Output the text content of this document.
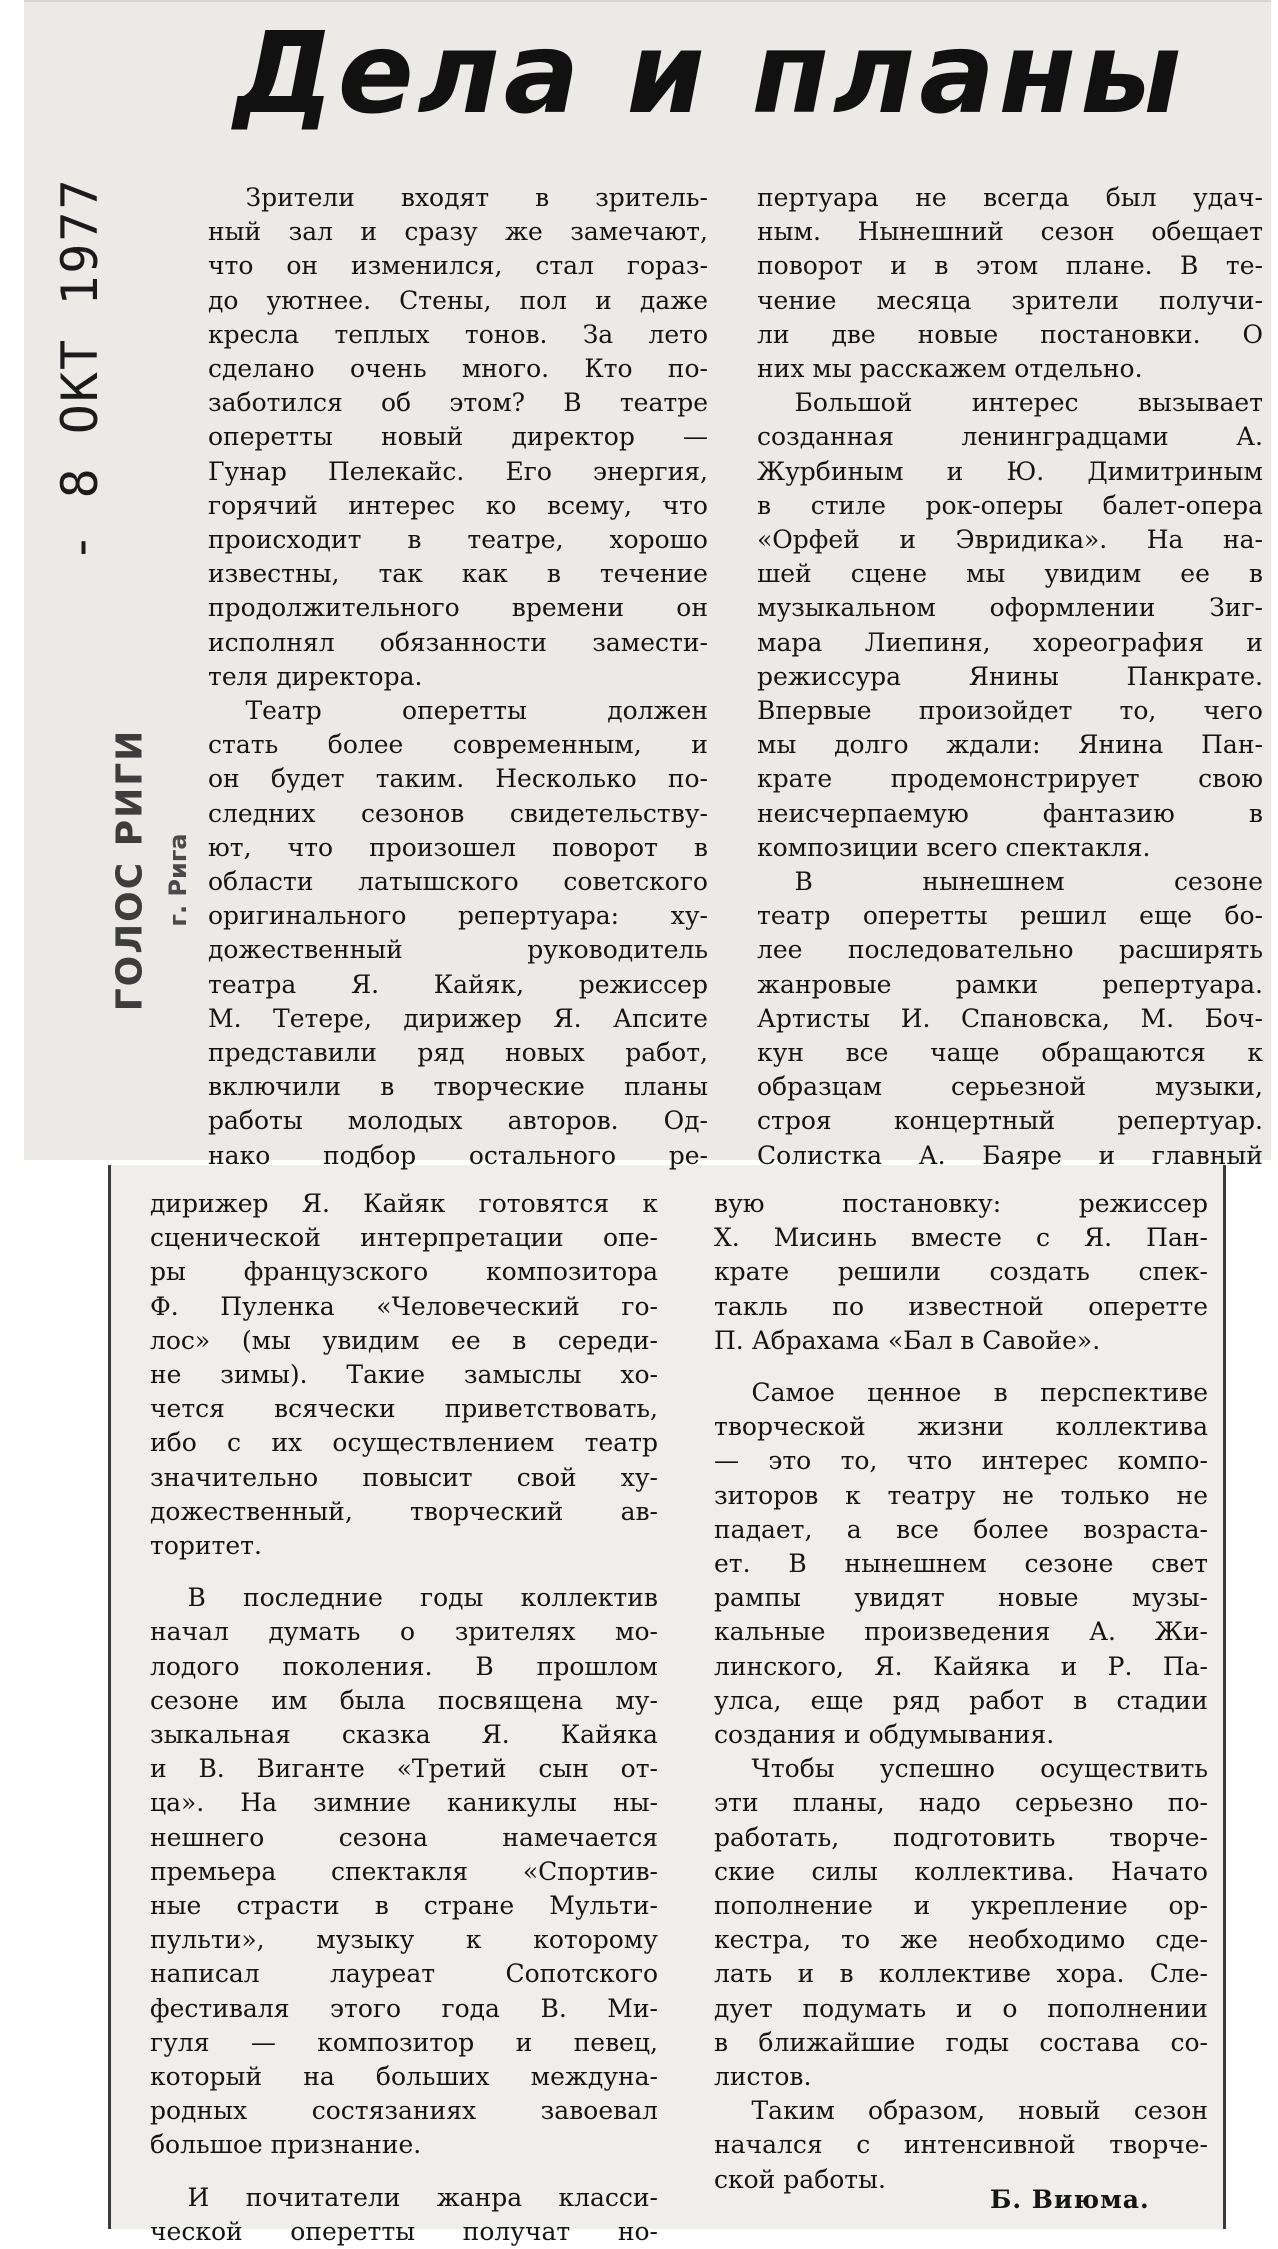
Дела и планы
- 8 ОКТ 1977
ГОЛОС РИГИ г. Рига
Зрители входят в зритель-
ный зал и сразу же замечают,
что он изменился, стал гораз-
до уютнее. Стены, пол и даже
кресла теплых тонов. За лето
сделано очень много. Кто по-
заботился об этом? В театре
оперетты новый директор —
Гунар Пелекайс. Его энергия,
горячий интерес ко всему, что
происходит в театре, хорошо
известны, так как в течение
продолжительного времени он
исполнял обязанности замести-
теля директора.
Театр	оперетты	должен
стать более современным, и
он будет таким. Несколько по-
следних сезонов свидетельству-
ют, что произошел поворот в
области латышского советского
оригинального репертуара: ху-
дожественный	руководитель
театра Я. Кайяк, режиссер
М. Тетере, дирижер Я. Апсите
представили ряд новых работ,
включили в творческие планы
работы молодых авторов. Од-
нако подбор остального ре-
пертуара не всегда был удач-
ным. Нынешний сезон обещает
поворот и в этом плане. В те-
чение месяца зрители получи-
ли две новые постановки. О
них мы расскажем отдельно.
Большой интерес вызывает
созданная	ленинградцами	А.
Журбиным и Ю. Димитриным
в стиле рок-оперы балет-опера
«Орфей и Эвридика». На на-
шей сцене мы увидим ее в
музыкальном оформлении Зиг-
мара Лиепиня, хореография и
режиссура	Янины	Панкрате.
Впервые произойдет то, чего
мы долго ждали: Янина Пан-
крате продемонстрирует свою
неисчерпаемую	фантазию	в
композиции всего спектакля.
В	нынешнем	сезоне
театр оперетты решил еще бо-
лее последовательно расширять
жанровые	рамки	репертуара.
Артисты И. Спановска, М. Боч-
кун все чаще обращаются к
образцам	серьезной	музыки,
строя концертный репертуар.
Солистка А. Баяре и главный
дирижер Я. Кайяк готовятся к
сценической интерпретации опе-
ры французского композитора
Ф. Пуленка «Человеческий го-
лос» (мы увидим ее в середи-
не зимы). Такие замыслы хо-
чется всячески приветствовать,
ибо с их осуществлением театр
значительно повысит свой ху-
дожественный, творческий ав-
торитет.
В последние годы коллектив
начал думать о зрителях мо-
лодого поколения. В прошлом
сезоне им была посвящена му-
зыкальная сказка Я. Кайяка
и В. Виганте «Третий сын от-
ца». На зимние каникулы ны-
нешнего	сезона	намечается
премьера спектакля «Спортив-
ные страсти в стране Мульти-
пульти», музыку к которому
написал	лауреат	Сопотского
фестиваля этого года В. Ми-
гуля — композитор и певец,
который на больших междуна-
родных	состязаниях	завоевал
большое признание.
И почитатели жанра класси-
ческой оперетты получат но-
вую	постановку:	режиссер
Х. Мисинь вместе с Я. Пан-
крате решили создать спек-
такль по известной оперетте
П. Абрахама «Бал в Савойе».
Самое ценное в перспективе
творческой жизни коллектива
— это то, что интерес компо-
зиторов к театру не только не
падает, а все более возраста-
ет. В нынешнем сезоне свет
рампы увидят новые музы-
кальные произведения А. Жи-
линского, Я. Кайяка и Р. Па-
улса, еще ряд работ в стадии
создания и обдумывания.
Чтобы успешно осуществить
эти планы, надо серьезно по-
работать, подготовить творче-
ские силы коллектива. Начато
пополнение и укрепление ор-
кестра, то же необходимо сде-
лать и в коллективе хора. Сле-
дует подумать и о пополнении
в ближайшие годы состава со-
листов.
Таким образом, новый сезон
начался с интенсивной творче-
ской работы.
Б. Виюма.
